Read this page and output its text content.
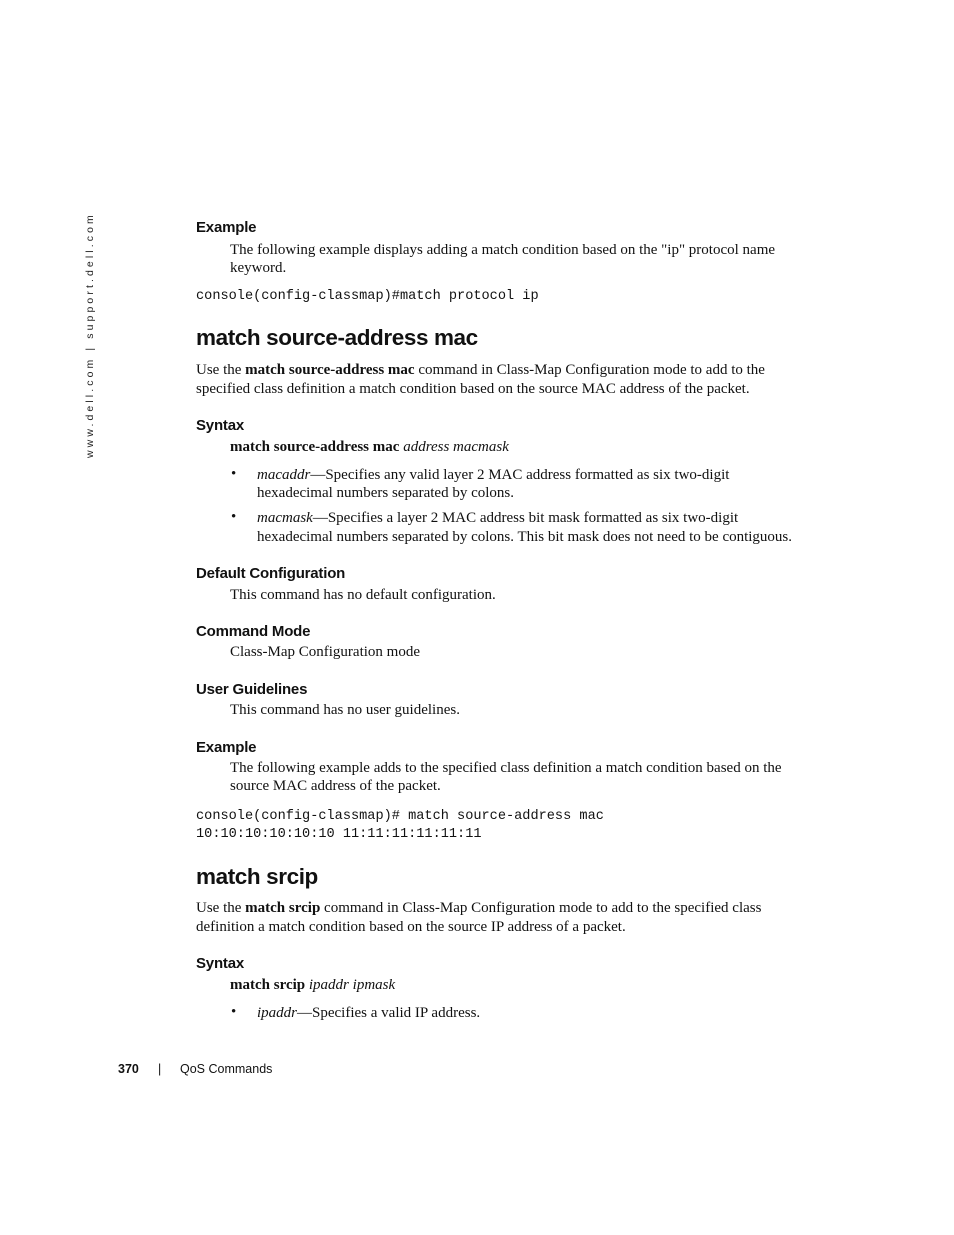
www.dell.com | support.dell.com	Example
The following example displays adding a match condition based on the "ip" protocol name
keyword.
console(config-classmap)#match protocol ip
match source-address mac
Use the match source-address mac command in Class-Map Configuration mode to add to the
specified class definition a match condition based on the source MAC address of the packet.
Syntax
match source-address mac address macmask
• macaddr—Specifies any valid layer 2 MAC address formatted as six two-digit
hexadecimal numbers separated by colons.
• macmask—Specifies a layer 2 MAC address bit mask formatted as six two-digit
hexadecimal numbers separated by colons. This bit mask does not need to be contiguous.
Default Configuration
This command has no default configuration.
Command Mode
Class-Map Configuration mode
User Guidelines
This command has no user guidelines.
Example
The following example adds to the specified class definition a match condition based on the
source MAC address of the packet.
console(config-classmap)# match source-address mac
10:10:10:10:10:10 11:11:11:11:11:11
match srcip
Use the match srcip command in Class-Map Configuration mode to add to the specified class
definition a match condition based on the source IP address of a packet.
Syntax
match srcip ipaddr ipmask
• ipaddr—Specifies a valid IP address.
370 | QoS Commands
